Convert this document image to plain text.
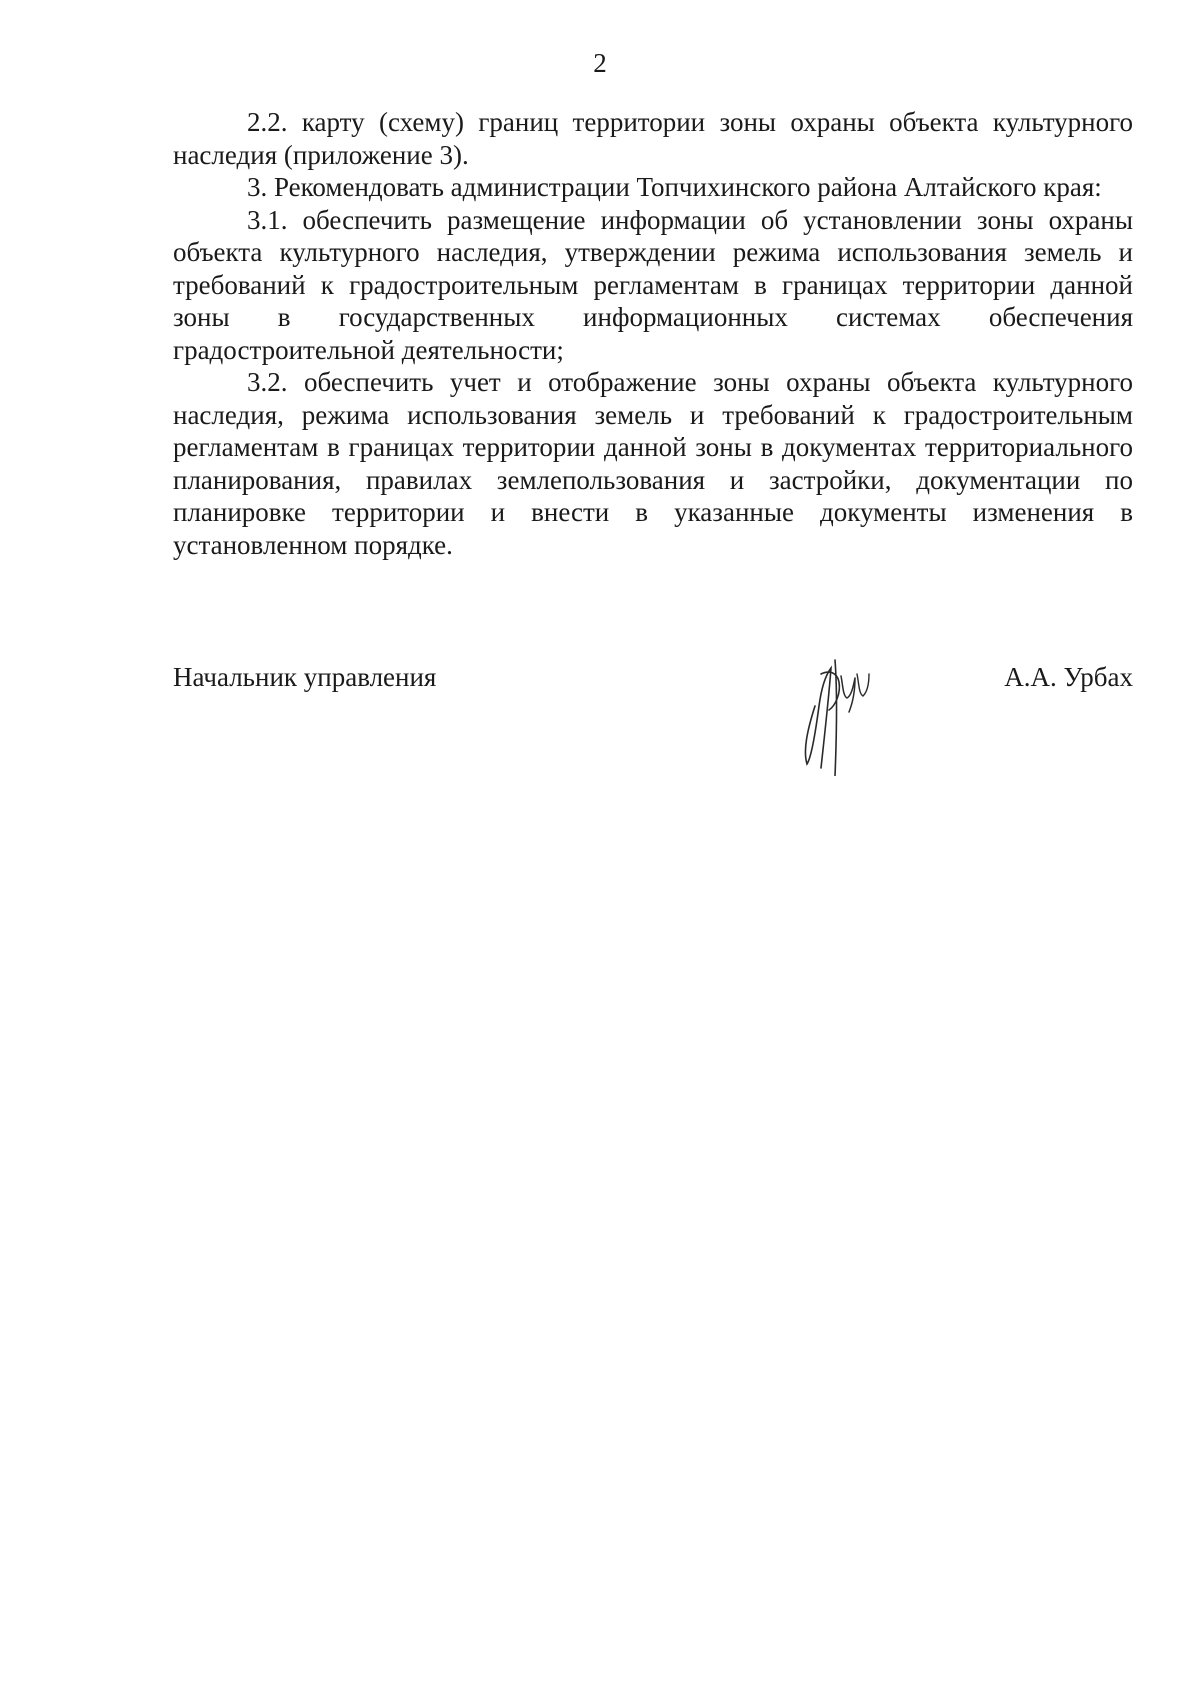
2

2.2. карту (схему) границ территории зоны охраны объекта культурного наследия (приложение 3).

3. Рекомендовать администрации Топчихинского района Алтайского края:

3.1. обеспечить размещение информации об установлении зоны охраны объекта культурного наследия, утверждении режима использования земель и требований к градостроительным регламентам в границах территории данной зоны в государственных информационных системах обеспечения градостроительной деятельности;

3.2. обеспечить учет и отображение зоны охраны объекта культурного наследия, режима использования земель и требований к градостроительным регламентам в границах территории данной зоны в документах территориального планирования, правилах землепользования и застройки, документации по планировке территории и внести в указанные документы изменения в установленном порядке.

Начальник управления	А.А. Урбах
